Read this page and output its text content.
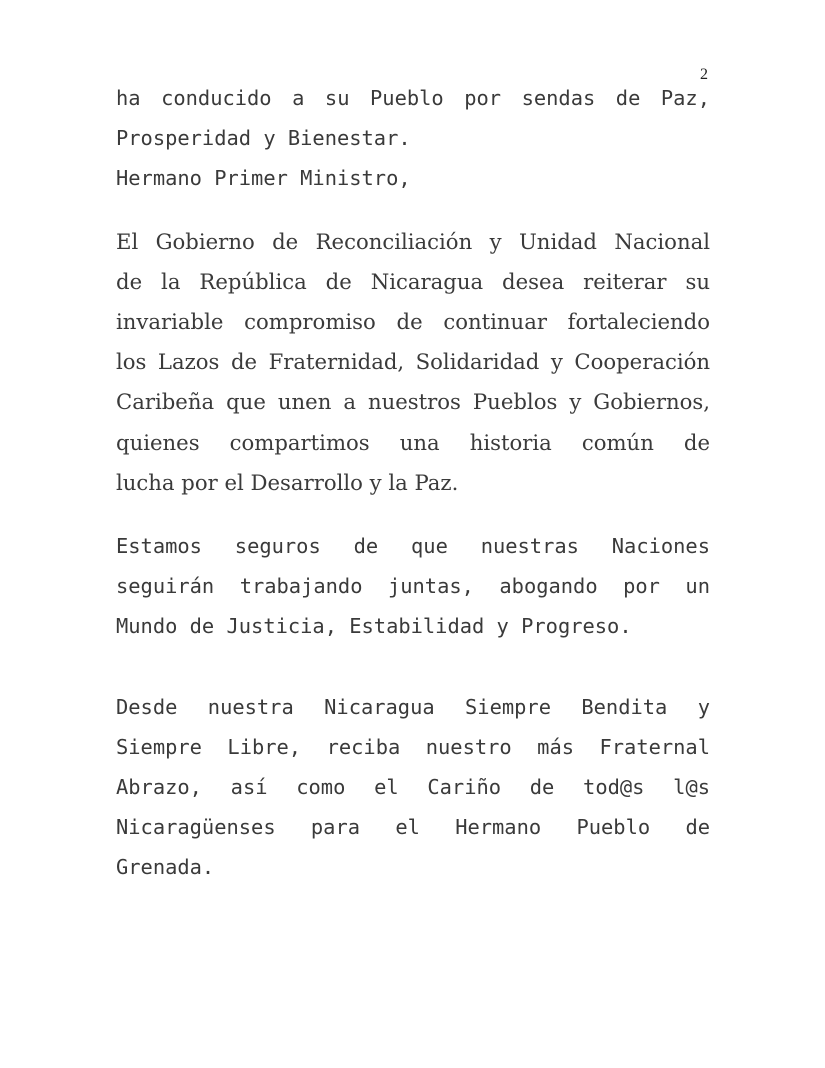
2
ha conducido a su Pueblo por sendas de Paz,
Prosperidad y Bienestar.
Hermano Primer Ministro,
El Gobierno de Reconciliación y Unidad Nacional
de la República de Nicaragua desea reiterar su
invariable compromiso de continuar fortaleciendo
los Lazos de Fraternidad, Solidaridad y Cooperación
Caribeña que unen a nuestros Pueblos y Gobiernos,
quienes compartimos una historia común de
lucha por el Desarrollo y la Paz.
Estamos seguros de que nuestras Naciones
seguirán trabajando juntas, abogando por un
Mundo de Justicia, Estabilidad y Progreso.
Desde nuestra Nicaragua Siempre Bendita y
Siempre Libre, reciba nuestro más Fraternal
Abrazo, así como el Cariño de tod@s l@s
Nicaragüenses para el Hermano Pueblo de
Grenada.
